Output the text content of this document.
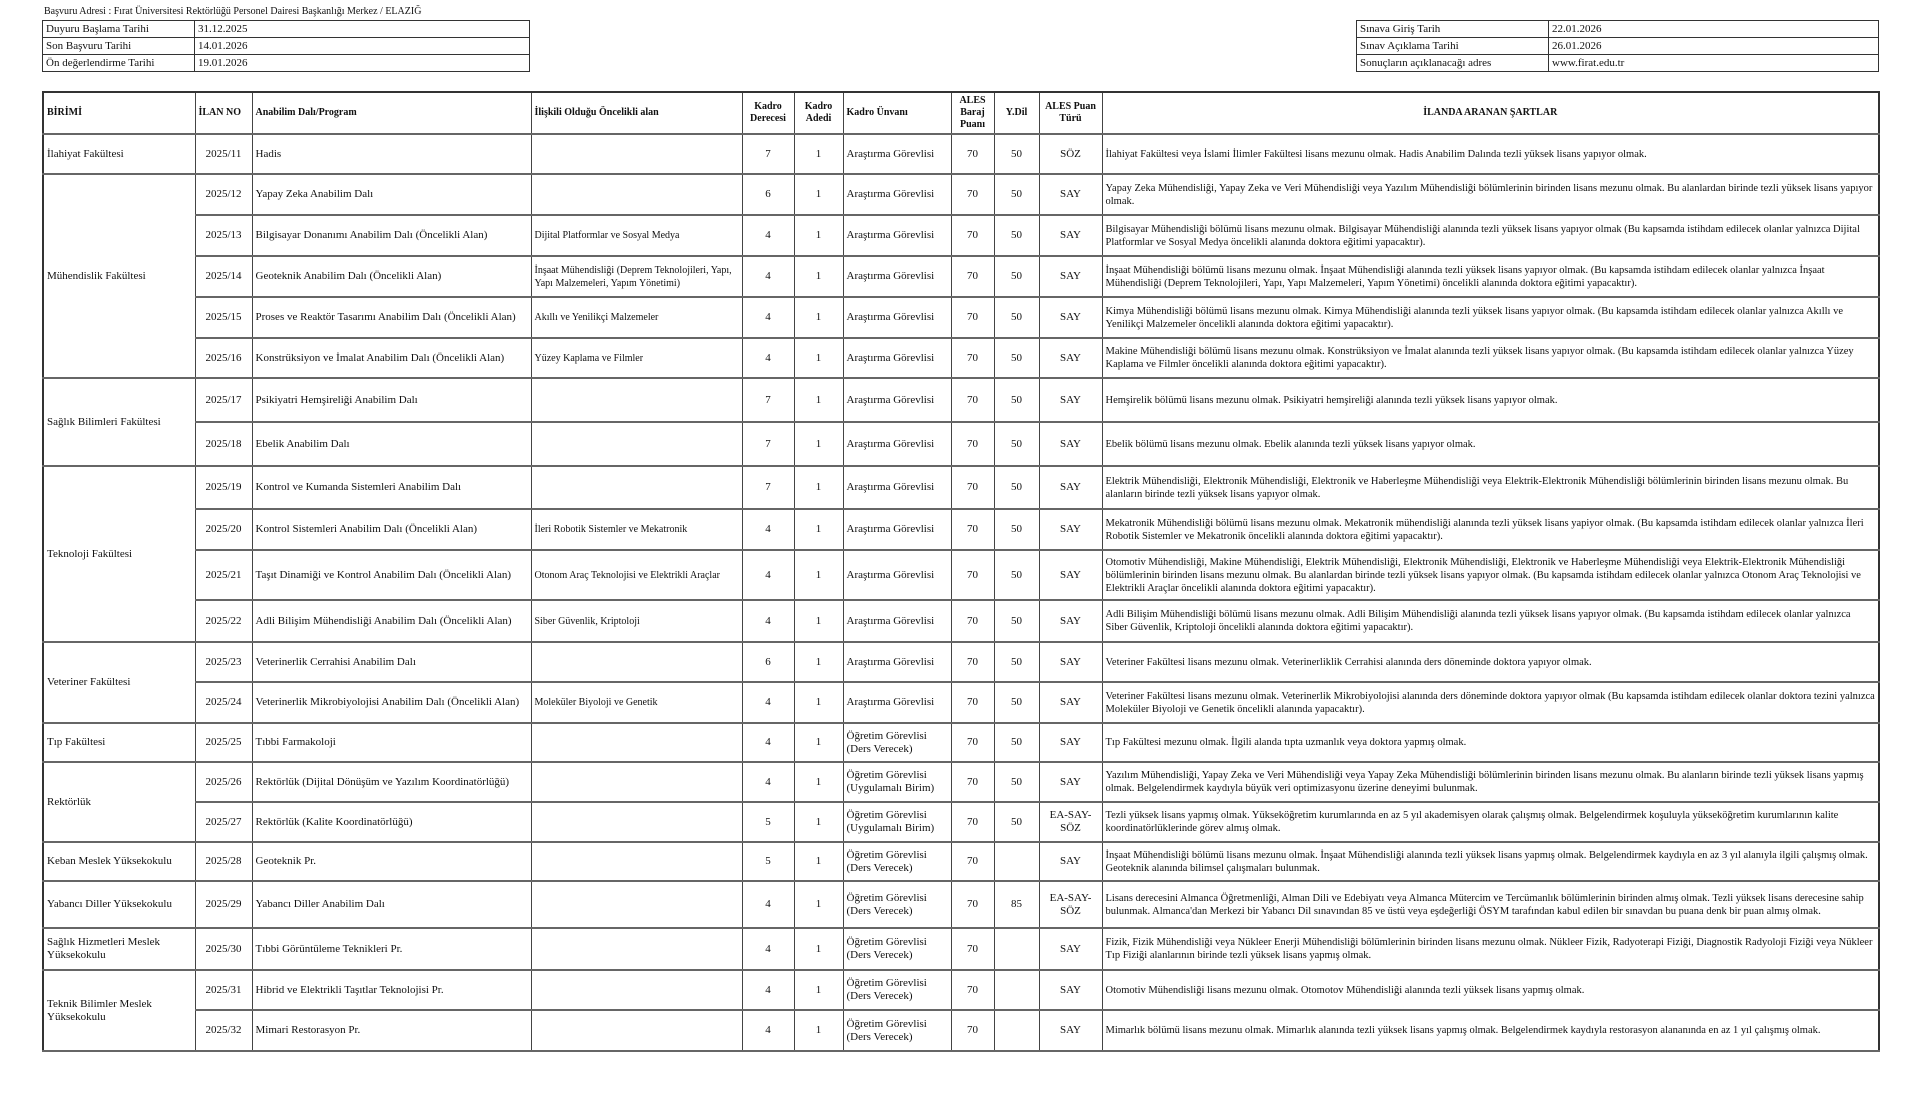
Başvuru Adresi : Fırat Üniversitesi Rektörlüğü Personel Dairesi Başkanlığı Merkez / ELAZIĞ
Duyuru Başlama Tarihi	31.12.2025
Son Başvuru Tarihi	14.01.2026
Ön değerlendirme Tarihi	19.01.2026
Sınava Giriş Tarih	22.01.2026
Sınav Açıklama Tarihi	26.01.2026
Sonuçların açıklanacağı adres	www.firat.edu.tr
BİRİMİ	İLAN NO	Anabilim Dalı/Program	İlişkili Olduğu Öncelikli alan	Kadro Derecesi	Kadro Adedi	Kadro Ünvanı	ALES Baraj Puanı	Y.Dil	ALES Puan Türü	İLANDA ARANAN ŞARTLAR
İlahiyat Fakültesi	2025/11	Hadis		7	1	Araştırma Görevlisi	70	50	SÖZ	İlahiyat Fakültesi veya İslami İlimler Fakültesi lisans mezunu olmak. Hadis Anabilim Dalında tezli yüksek lisans yapıyor olmak.
Mühendislik Fakültesi	2025/12	Yapay Zeka Anabilim Dalı		6	1	Araştırma Görevlisi	70	50	SAY	Yapay Zeka Mühendisliği, Yapay Zeka ve Veri Mühendisliği veya Yazılım Mühendisliği bölümlerinin birinden lisans mezunu olmak. Bu alanlardan birinde tezli yüksek lisans yapıyor olmak.
	2025/13	Bilgisayar Donanımı Anabilim Dalı (Öncelikli Alan)	Dijital Platformlar ve Sosyal Medya	4	1	Araştırma Görevlisi	70	50	SAY	Bilgisayar Mühendisliği bölümü lisans mezunu olmak. Bilgisayar Mühendisliği alanında tezli yüksek lisans yapıyor olmak (Bu kapsamda istihdam edilecek olanlar yalnızca Dijital Platformlar ve Sosyal Medya öncelikli alanında doktora eğitimi yapacaktır).
	2025/14	Geoteknik Anabilim Dalı (Öncelikli Alan)	İnşaat Mühendisliği (Deprem Teknolojileri, Yapı, Yapı Malzemeleri, Yapım Yönetimi)	4	1	Araştırma Görevlisi	70	50	SAY	İnşaat Mühendisliği bölümü lisans mezunu olmak. İnşaat Mühendisliği alanında tezli yüksek lisans yapıyor olmak. (Bu kapsamda istihdam edilecek olanlar yalnızca İnşaat Mühendisliği (Deprem Teknolojileri, Yapı, Yapı Malzemeleri, Yapım Yönetimi) öncelikli alanında doktora eğitimi yapacaktır).
	2025/15	Proses ve Reaktör Tasarımı Anabilim Dalı (Öncelikli Alan)	Akıllı ve Yenilikçi Malzemeler	4	1	Araştırma Görevlisi	70	50	SAY	Kimya Mühendisliği bölümü lisans mezunu olmak. Kimya Mühendisliği alanında tezli yüksek lisans yapıyor olmak. (Bu kapsamda istihdam edilecek olanlar yalnızca Akıllı ve Yenilikçi Malzemeler öncelikli alanında doktora eğitimi yapacaktır).
	2025/16	Konstrüksiyon ve İmalat Anabilim Dalı (Öncelikli Alan)	Yüzey Kaplama ve Filmler	4	1	Araştırma Görevlisi	70	50	SAY	Makine Mühendisliği bölümü lisans mezunu olmak. Konstrüksiyon ve İmalat alanında tezli yüksek lisans yapıyor olmak. (Bu kapsamda istihdam edilecek olanlar yalnızca Yüzey Kaplama ve Filmler öncelikli alanında doktora eğitimi yapacaktır).
Sağlık Bilimleri Fakültesi	2025/17	Psikiyatri Hemşireliği Anabilim Dalı		7	1	Araştırma Görevlisi	70	50	SAY	Hemşirelik bölümü lisans mezunu olmak. Psikiyatri hemşireliği alanında tezli yüksek lisans yapıyor olmak.
	2025/18	Ebelik Anabilim Dalı		7	1	Araştırma Görevlisi	70	50	SAY	Ebelik bölümü lisans mezunu olmak. Ebelik alanında tezli yüksek lisans yapıyor olmak.
Teknoloji Fakültesi	2025/19	Kontrol ve Kumanda Sistemleri Anabilim Dalı		7	1	Araştırma Görevlisi	70	50	SAY	Elektrik Mühendisliği, Elektronik Mühendisliği, Elektronik ve Haberleşme Mühendisliği veya Elektrik-Elektronik Mühendisliği bölümlerinin birinden lisans mezunu olmak. Bu alanların birinde tezli yüksek lisans yapıyor olmak.
	2025/20	Kontrol Sistemleri Anabilim Dalı (Öncelikli Alan)	İleri Robotik Sistemler ve Mekatronik	4	1	Araştırma Görevlisi	70	50	SAY	Mekatronik Mühendisliği bölümü lisans mezunu olmak. Mekatronik mühendisliği alanında tezli yüksek lisans yapiyor olmak. (Bu kapsamda istihdam edilecek olanlar yalnızca İleri Robotik Sistemler ve Mekatronik öncelikli alanında doktora eğitimi yapacaktır).
	2025/21	Taşıt Dinamiği ve Kontrol Anabilim Dalı (Öncelikli Alan)	Otonom Araç Teknolojisi ve Elektrikli Araçlar	4	1	Araştırma Görevlisi	70	50	SAY	Otomotiv Mühendisliği, Makine Mühendisliği, Elektrik Mühendisliği, Elektronik Mühendisliği, Elektronik ve Haberleşme Mühendisliği veya Elektrik-Elektronik Mühendisliği bölümlerinin birinden lisans mezunu olmak. Bu alanlardan birinde tezli yüksek lisans yapıyor olmak. (Bu kapsamda istihdam edilecek olanlar yalnızca Otonom Araç Teknolojisi ve Elektrikli Araçlar öncelikli alanında doktora eğitimi yapacaktır).
	2025/22	Adli Bilişim Mühendisliği Anabilim Dalı (Öncelikli Alan)	Siber Güvenlik, Kriptoloji	4	1	Araştırma Görevlisi	70	50	SAY	Adli Bilişim Mühendisliği bölümü lisans mezunu olmak. Adli Bilişim Mühendisliği alanında tezli yüksek lisans yapıyor olmak. (Bu kapsamda istihdam edilecek olanlar yalnızca Siber Güvenlik, Kriptoloji öncelikli alanında doktora eğitimi yapacaktır).
Veteriner Fakültesi	2025/23	Veterinerlik Cerrahisi Anabilim Dalı		6	1	Araştırma Görevlisi	70	50	SAY	Veteriner Fakültesi lisans mezunu olmak. Veterinerliklik Cerrahisi alanında ders döneminde doktora yapıyor olmak.
	2025/24	Veterinerlik Mikrobiyolojisi Anabilim Dalı (Öncelikli Alan)	Moleküler Biyoloji ve Genetik	4	1	Araştırma Görevlisi	70	50	SAY	Veteriner Fakültesi lisans mezunu olmak. Veterinerlik Mikrobiyolojisi alanında ders döneminde doktora yapıyor olmak (Bu kapsamda istihdam edilecek olanlar doktora tezini yalnızca Moleküler Biyoloji ve Genetik öncelikli alanında yapacaktır).
Tıp Fakültesi	2025/25	Tıbbi Farmakoloji		4	1	Öğretim Görevlisi (Ders Verecek)	70	50	SAY	Tıp Fakültesi mezunu olmak. İlgili alanda tıpta uzmanlık veya doktora yapmış olmak.
Rektörlük	2025/26	Rektörlük (Dijital Dönüşüm ve Yazılım Koordinatörlüğü)		4	1	Öğretim Görevlisi (Uygulamalı Birim)	70	50	SAY	Yazılım Mühendisliği, Yapay Zeka ve Veri Mühendisliği veya Yapay Zeka Mühendisliği bölümlerinin birinden lisans mezunu olmak. Bu alanların birinde tezli yüksek lisans yapmış olmak. Belgelendirmek kaydıyla büyük veri optimizasyonu üzerine deneyimi bulunmak.
	2025/27	Rektörlük (Kalite Koordinatörlüğü)		5	1	Öğretim Görevlisi (Uygulamalı Birim)	70	50	EA-SAY-SÖZ	Tezli yüksek lisans yapmış olmak. Yükseköğretim kurumlarında en az 5 yıl akademisyen olarak çalışmış olmak. Belgelendirmek koşuluyla yükseköğretim kurumlarının kalite koordinatörlüklerinde görev almış olmak.
Keban Meslek Yüksekokulu	2025/28	Geoteknik Pr.		5	1	Öğretim Görevlisi (Ders Verecek)	70		SAY	İnşaat Mühendisliği bölümü lisans mezunu olmak. İnşaat Mühendisliği alanında tezli yüksek lisans yapmış olmak. Belgelendirmek kaydıyla en az 3 yıl alanıyla ilgili çalışmış olmak. Geoteknik alanında bilimsel çalışmaları bulunmak.
Yabancı Diller Yüksekokulu	2025/29	Yabancı Diller Anabilim Dalı		4	1	Öğretim Görevlisi (Ders Verecek)	70	85	EA-SAY-SÖZ	Lisans derecesini Almanca Öğretmenliği, Alman Dili ve Edebiyatı veya Almanca Mütercim ve Tercümanlık bölümlerinin birinden almış olmak. Tezli yüksek lisans derecesine sahip bulunmak. Almanca'dan Merkezi bir Yabancı Dil sınavından 85 ve üstü veya eşdeğerliği ÖSYM tarafından kabul edilen bir sınavdan bu puana denk bir puan almış olmak.
Sağlık Hizmetleri Meslek Yüksekokulu	2025/30	Tıbbi Görüntüleme Teknikleri Pr.		4	1	Öğretim Görevlisi (Ders Verecek)	70		SAY	Fizik, Fizik Mühendisliği veya Nükleer Enerji Mühendisliği bölümlerinin birinden lisans mezunu olmak. Nükleer Fizik, Radyoterapi Fiziği, Diagnostik Radyoloji Fiziği veya Nükleer Tıp Fiziği alanlarının birinde tezli yüksek lisans yapmış olmak.
Teknik Bilimler Meslek Yüksekokulu	2025/31	Hibrid ve Elektrikli Taşıtlar Teknolojisi Pr.		4	1	Öğretim Görevlisi (Ders Verecek)	70		SAY	Otomotiv Mühendisliği lisans mezunu olmak. Otomotov Mühendisliği alanında tezli yüksek lisans yapmış olmak.
	2025/32	Mimari Restorasyon Pr.		4	1	Öğretim Görevlisi (Ders Verecek)	70		SAY	Mimarlık bölümü lisans mezunu olmak. Mimarlık alanında tezli yüksek lisans yapmış olmak. Belgelendirmek kaydıyla restorasyon alananında en az 1 yıl çalışmış olmak.
